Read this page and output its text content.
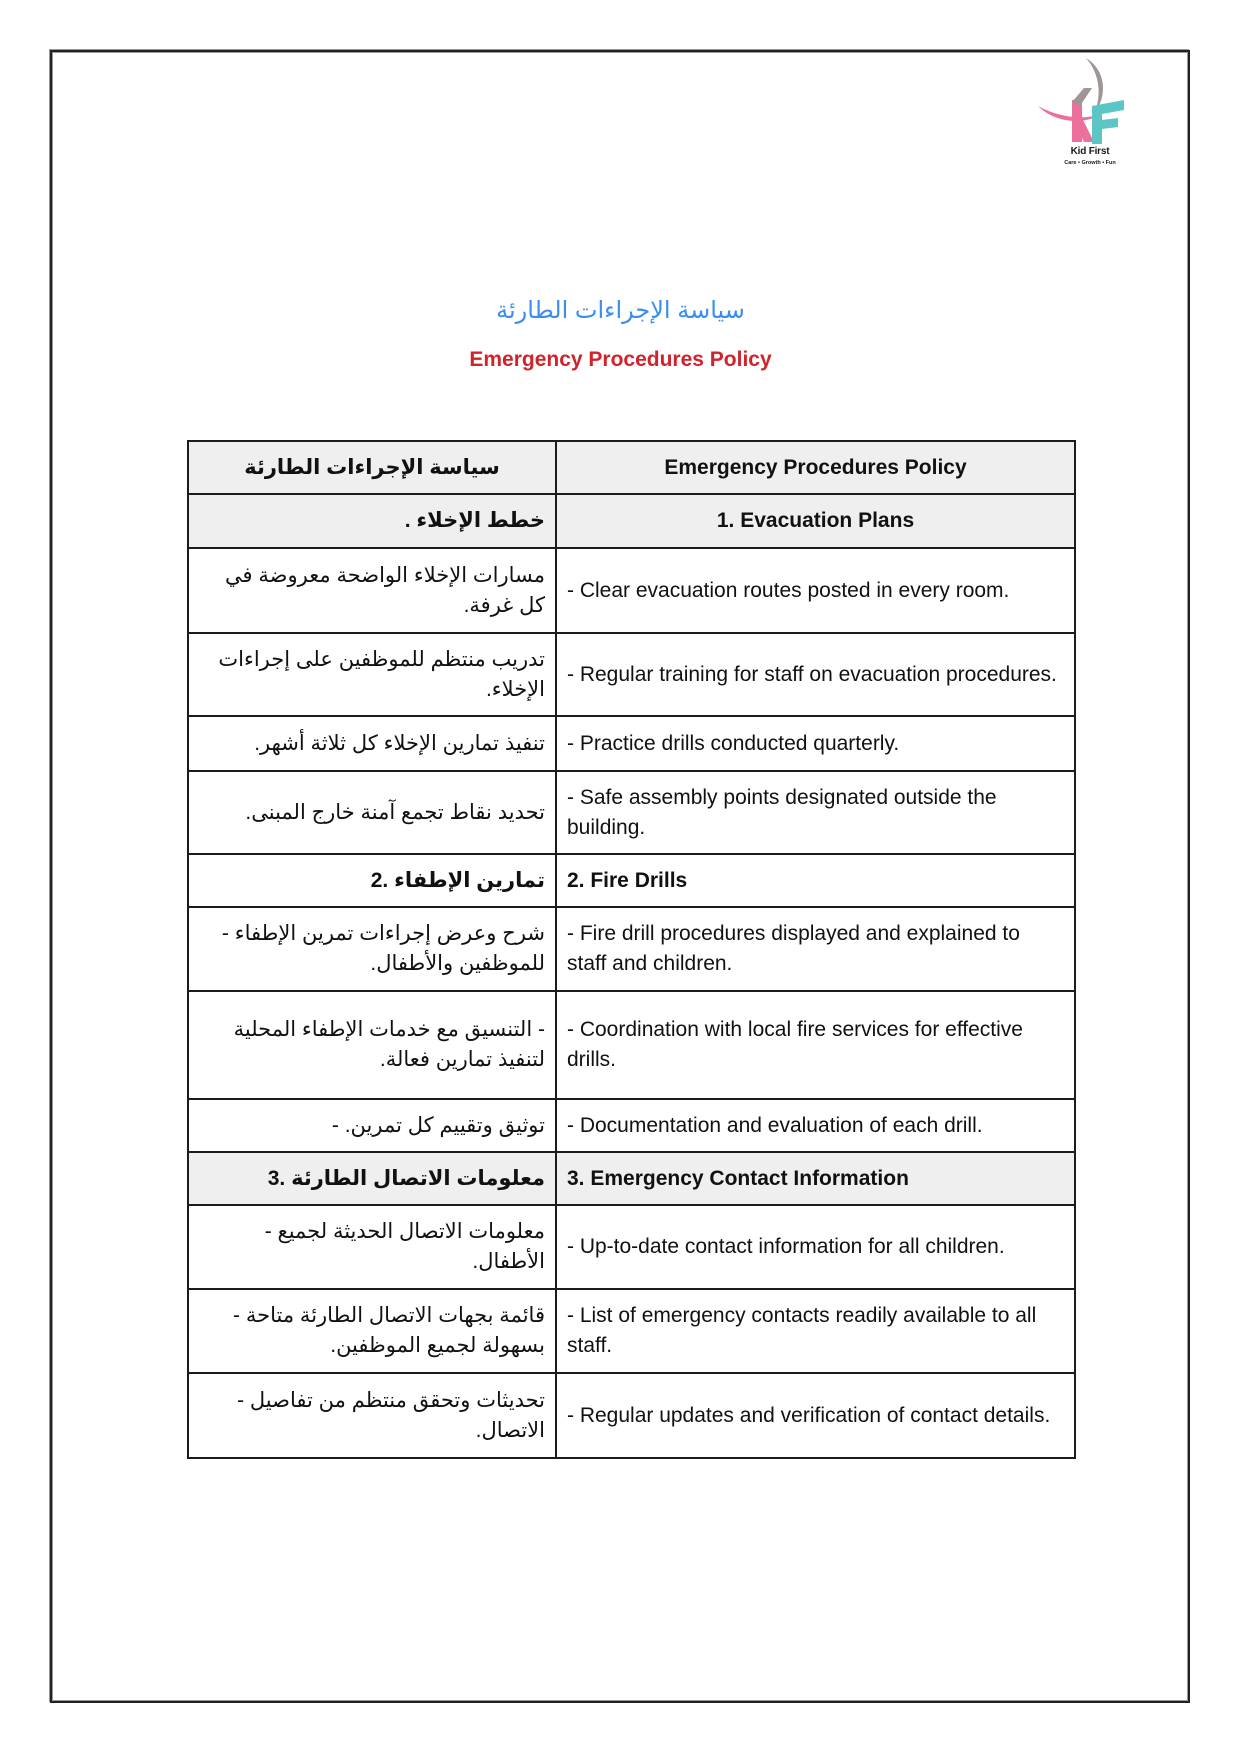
Kid First
Care • Growth • Fun
سياسة الإجراءات الطارئة
Emergency Procedures Policy
سياسة الإجراءات الطارئة	Emergency Procedures Policy
خطط الإخلاء .	1. Evacuation Plans
مسارات الإخلاء الواضحة معروضة في كل غرفة.	- Clear evacuation routes posted in every room.
تدريب منتظم للموظفين على إجراءات الإخلاء.	- Regular training for staff on evacuation procedures.
تنفيذ تمارين الإخلاء كل ثلاثة أشهر.	- Practice drills conducted quarterly.
تحديد نقاط تجمع آمنة خارج المبنى.	- Safe assembly points designated outside the building.
تمارين الإطفاء .2	2. Fire Drills
شرح وعرض إجراءات تمرين الإطفاء - للموظفين والأطفال.	- Fire drill procedures displayed and explained to staff and children.
- التنسيق مع خدمات الإطفاء المحلية لتنفيذ تمارين فعالة.	- Coordination with local fire services for effective drills.
توثيق وتقييم كل تمرين. -	- Documentation and evaluation of each drill.
معلومات الاتصال الطارئة .3	3. Emergency Contact Information
معلومات الاتصال الحديثة لجميع - الأطفال.	- Up-to-date contact information for all children.
قائمة بجهات الاتصال الطارئة متاحة - بسهولة لجميع الموظفين.	- List of emergency contacts readily available to all staff.
تحديثات وتحقق منتظم من تفاصيل - الاتصال.	- Regular updates and verification of contact details.
